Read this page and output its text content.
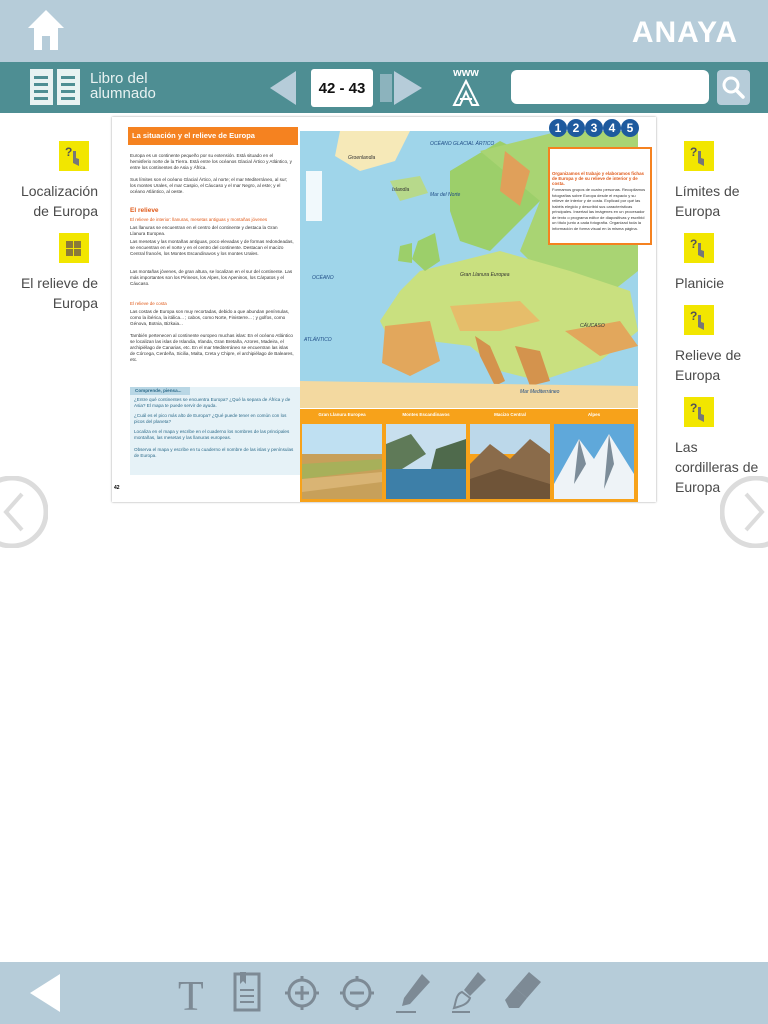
ANAYA
Libro del alumnado	42 - 43
www
?
Localización de Europa
El relieve de Europa
?
Límites de Europa
?
Planicie
?
Relieve de Europa
?
Las cordilleras de Europa
La situación y el relieve de Europa
Europa es un continente pequeño por su extensión. Está situado en el hemisferio norte de la Tierra. Está entre los océanos Glacial Ártico y Atlántico, y entre los continentes de Asia y África.
Sus límites son el océano Glacial Ártico, al norte; el mar Mediterráneo, al sur; los montes Urales, el mar Caspio, el Cáucaso y el mar Negro, al este; y el océano Atlántico, al oeste.
El relieve
El relieve de interior: llanuras, mesetas antiguas y montañas jóvenes
Las llanuras se encuentran en el centro del continente y destaca la Gran Llanura Europea.
Las mesetas y las montañas antiguas, poco elevadas y de formas redondeadas, se encuentran en el norte y en el centro del continente. Destacan el macizo Central francés, los Montes Escandinavos y los montes Urales.
Las montañas jóvenes, de gran altura, se localizan en el sur del continente. Las más importantes son los Pirineos, los Alpes, los Apeninos, los Cárpatos y el Cáucaso.
El relieve de costa
Las costas de Europa son muy recortadas, debido a que abundan penínsulas, como la ibérica, la itálica... ; cabos, como Norte, Finisterre... ; y golfos, como Génova, Botnia, Bizkaia...
También pertenecen al continente europeo muchas islas: En el océano Atlántico se localizan las islas de Islandia, Irlanda, Gran Bretaña, Azores, Madeira, el archipiélago de Canarias, etc. En el mar Mediterráneo se encuentran las islas de Córcega, Cerdeña, Sicilia, Malta, Creta y Chipre, el archipiélago de Baleares, etc.
Comprende, piensa...
¿Entre qué continentes se encuentra Europa? ¿Qué la separa de África y de Asia? El mapa te puede servir de ayuda.
¿Cuál es el pico más alto de Europa? ¿Qué puede tener en común con los picos del planeta?
Localiza en el mapa y escribe en el cuaderno los nombres de las principales montañas, las mesetas y las llanuras europeas.
Observa el mapa y escribe en tu cuaderno el nombre de las islas y penínsulas de Europa.
42
OCÉANO GLACIAL ÁRTICO
OCÉANO
ATLÁNTICO
Gran Llanura Europea
Mar del Norte
Mar Mediterráneo
Groenlandia
Islandia
CÁUCASO
Organizamos el trabajo y elaboramos fichas de Europa y de su relieve de interior y de costa.
Formamos grupos de cuatro personas. Recopilamos fotografías sobre Europa desde el espacio y su relieve de interior y de costa. Explicad por qué las habéis elegido y describid sus características principales. Insertad las imágenes en un procesador de texto o programa editor de diapositivas y escribid un título junto a cada fotografía. Organizad toda la información de forma visual en la misma página.
1 2 3 4 5
Gran Llanura Europea	Montes Escandinavos	Macizo Central	Alpes
T
